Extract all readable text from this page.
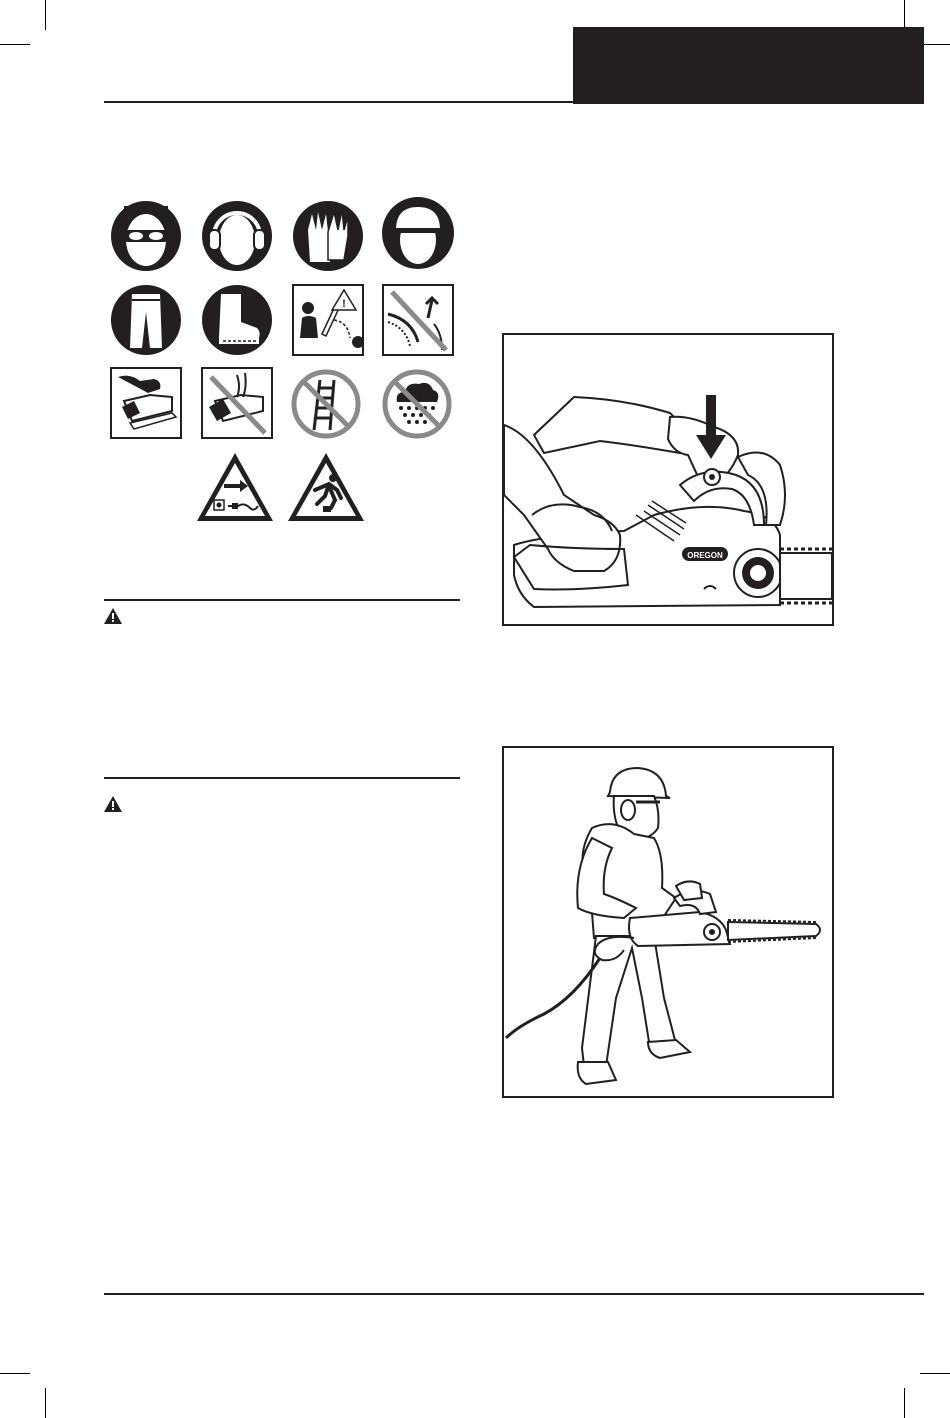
!
OREGON
